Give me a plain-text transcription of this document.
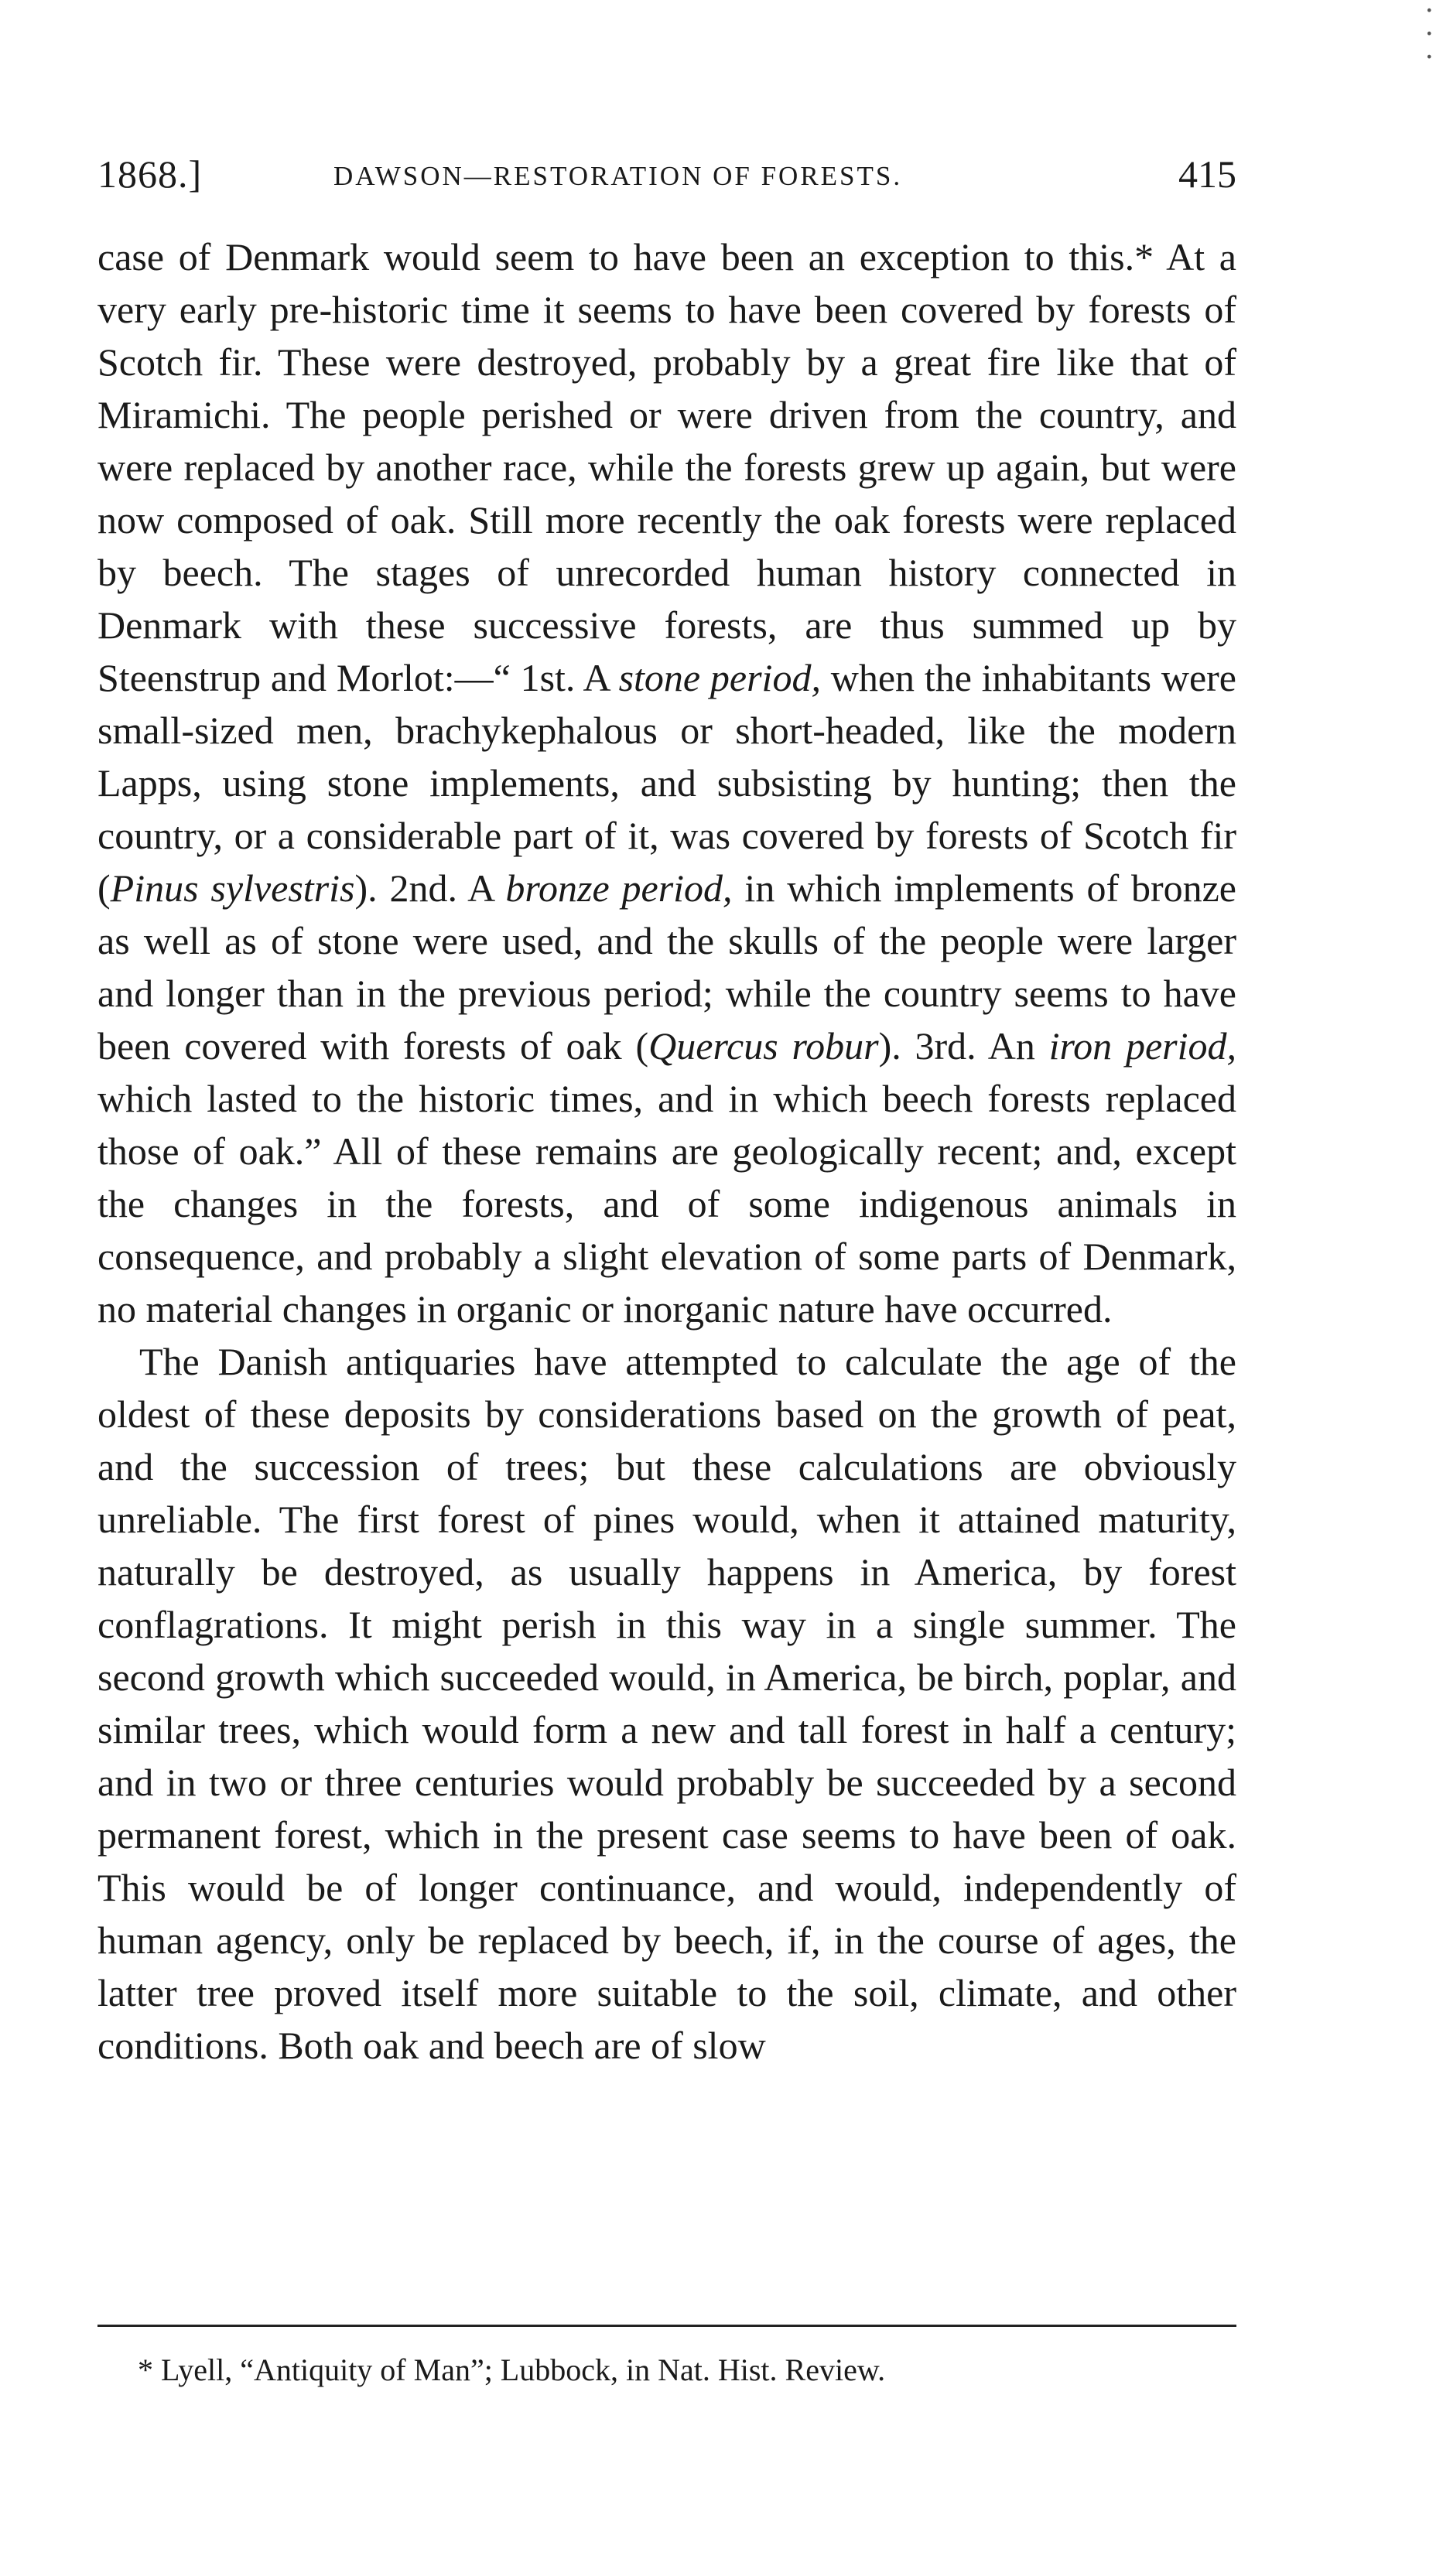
·
·
·
1868.]	DAWSON—RESTORATION OF FORESTS.	415

case of Denmark would seem to have been an exception to this.* At a very early pre-historic time it seems to have been covered by forests of Scotch fir. These were destroyed, probably by a great fire like that of Miramichi. The people perished or were driven from the country, and were replaced by another race, while the forests grew up again, but were now composed of oak. Still more recently the oak forests were replaced by beech. The stages of unrecorded human history connected in Denmark with these successive forests, are thus summed up by Steenstrup and Morlot:—“ 1st. A stone period, when the inhabitants were small-sized men, brachykephalous or short-headed, like the modern Lapps, using stone implements, and subsisting by hunting; then the country, or a considerable part of it, was covered by forests of Scotch fir (Pinus sylvestris). 2nd. A bronze period, in which implements of bronze as well as of stone were used, and the skulls of the people were larger and longer than in the previous period; while the country seems to have been covered with forests of oak (Quercus robur). 3rd. An iron period, which lasted to the historic times, and in which beech forests replaced those of oak.” All of these remains are geologically recent; and, except the changes in the forests, and of some indigenous animals in consequence, and probably a slight elevation of some parts of Denmark, no material changes in organic or inorganic nature have occurred.

The Danish antiquaries have attempted to calculate the age of the oldest of these deposits by considerations based on the growth of peat, and the succession of trees; but these calculations are obviously unreliable. The first forest of pines would, when it attained maturity, naturally be destroyed, as usually happens in America, by forest conflagrations. It might perish in this way in a single summer. The second growth which succeeded would, in America, be birch, poplar, and similar trees, which would form a new and tall forest in half a century; and in two or three centuries would probably be succeeded by a second permanent forest, which in the present case seems to have been of oak. This would be of longer continuance, and would, independently of human agency, only be replaced by beech, if, in the course of ages, the latter tree proved itself more suitable to the soil, climate, and other conditions. Both oak and beech are of slow

* Lyell, “Antiquity of Man”; Lubbock, in Nat. Hist. Review.
